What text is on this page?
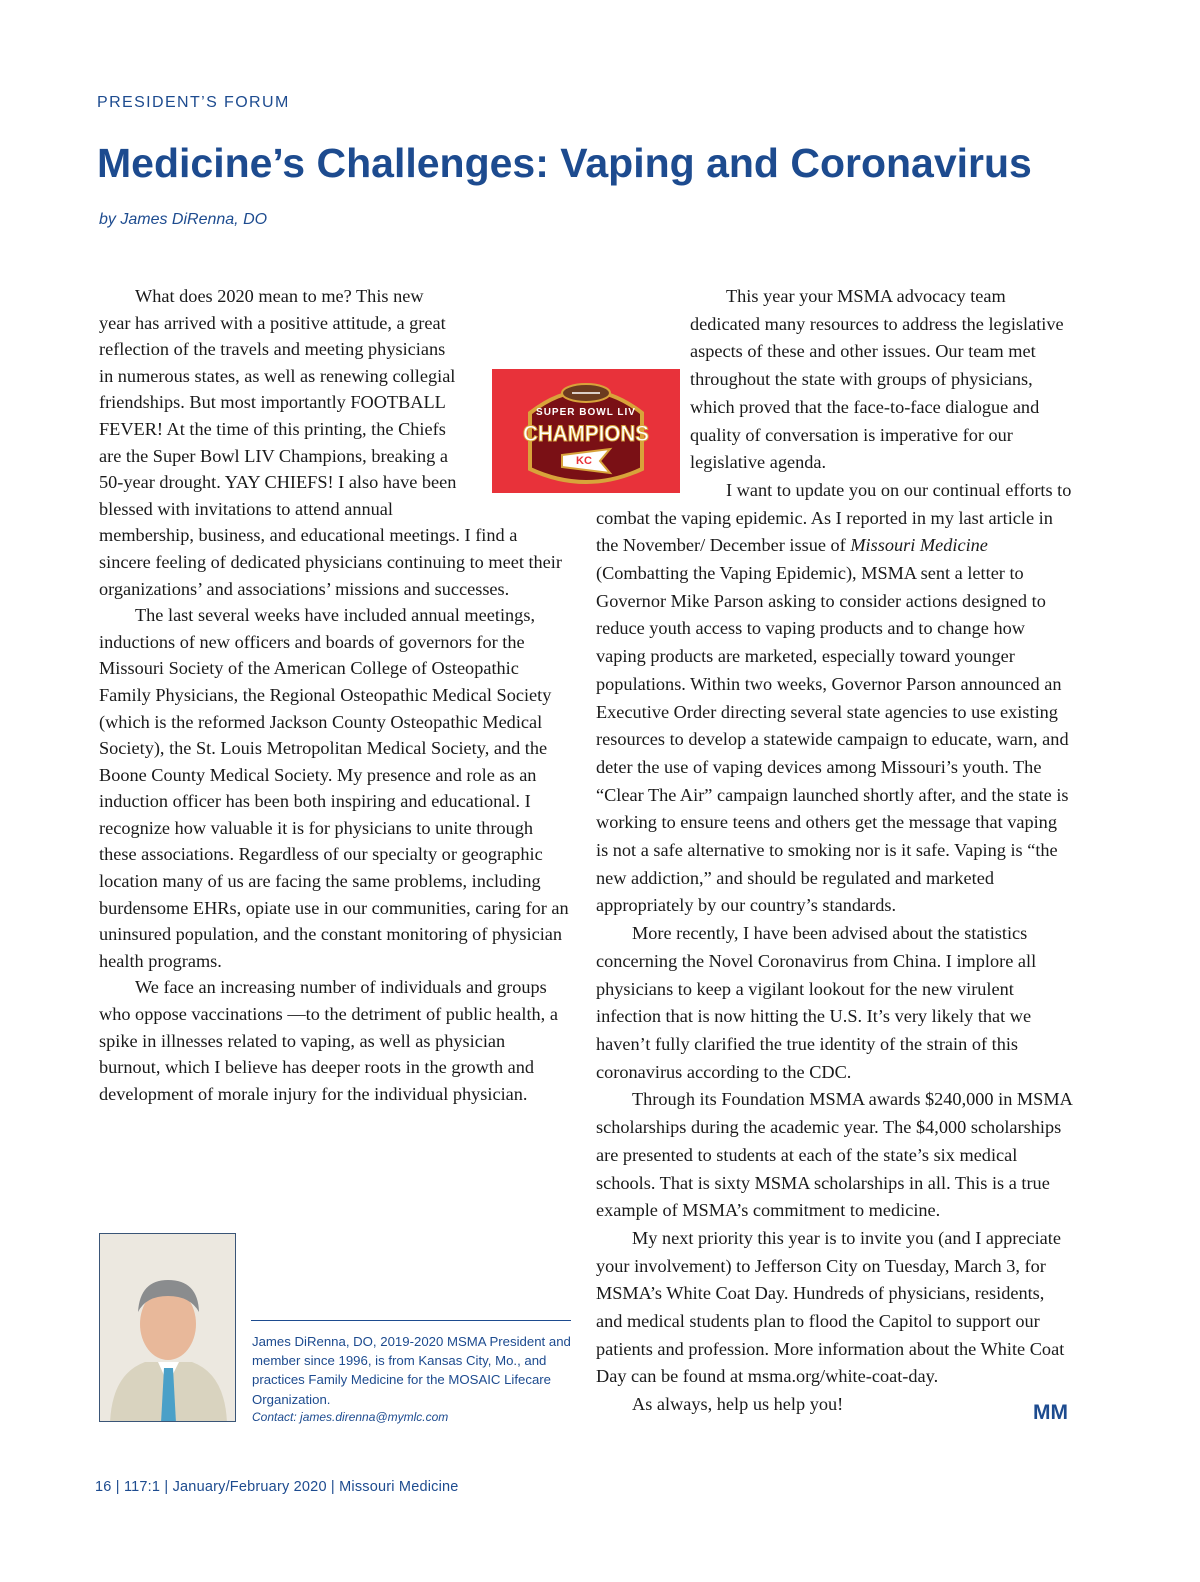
PRESIDENT’S FORUM
Medicine’s Challenges: Vaping and Coronavirus
by James DiRenna, DO

What does 2020 mean to me? This new year has arrived with a positive attitude, a great reflection of the travels and meeting physicians in numerous states, as well as renewing collegial friendships. But most importantly FOOTBALL FEVER! At the time of this printing, the Chiefs are the Super Bowl LIV Champions, breaking a 50-year drought. YAY CHIEFS! I also have been blessed with invitations to attend annual membership, business, and educational meetings. I find a sincere feeling of dedicated physicians continuing to meet their organizations’ and associations’ missions and successes.

The last several weeks have included annual meetings, inductions of new officers and boards of governors for the Missouri Society of the American College of Osteopathic Family Physicians, the Regional Osteopathic Medical Society (which is the reformed Jackson County Osteopathic Medical Society), the St. Louis Metropolitan Medical Society, and the Boone County Medical Society. My presence and role as an induction officer has been both inspiring and educational. I recognize how valuable it is for physicians to unite through these associations. Regardless of our specialty or geographic location many of us are facing the same problems, including burdensome EHRs, opiate use in our communities, caring for an uninsured population, and the constant monitoring of physician health programs.

We face an increasing number of individuals and groups who oppose vaccinations —to the detriment of public health, a spike in illnesses related to vaping, as well as physician burnout, which I believe has deeper roots in the growth and development of morale injury for the individual physician.

SUPER BOWL LIV
CHAMPIONS
KC

This year your MSMA advocacy team dedicated many resources to address the legislative aspects of these and other issues. Our team met throughout the state with groups of physicians, which proved that the face-to-face dialogue and quality of conversation is imperative for our legislative agenda.

I want to update you on our continual efforts to combat the vaping epidemic. As I reported in my last article in the November/ December issue of Missouri Medicine (Combatting the Vaping Epidemic), MSMA sent a letter to Governor Mike Parson asking to consider actions designed to reduce youth access to vaping products and to change how vaping products are marketed, especially toward younger populations. Within two weeks, Governor Parson announced an Executive Order directing several state agencies to use existing resources to develop a statewide campaign to educate, warn, and deter the use of vaping devices among Missouri’s youth. The “Clear The Air” campaign launched shortly after, and the state is working to ensure teens and others get the message that vaping is not a safe alternative to smoking nor is it safe. Vaping is “the new addiction,” and should be regulated and marketed appropriately by our country’s standards.

More recently, I have been advised about the statistics concerning the Novel Coronavirus from China. I implore all physicians to keep a vigilant lookout for the new virulent infection that is now hitting the U.S. It’s very likely that we haven’t fully clarified the true identity of the strain of this coronavirus according to the CDC.

Through its Foundation MSMA awards $240,000 in MSMA scholarships during the academic year. The $4,000 scholarships are presented to students at each of the state’s six medical schools. That is sixty MSMA scholarships in all. This is a true example of MSMA’s commitment to medicine.

My next priority this year is to invite you (and I appreciate your involvement) to Jefferson City on Tuesday, March 3, for MSMA’s White Coat Day. Hundreds of physicians, residents, and medical students plan to flood the Capitol to support our patients and profession. More information about the White Coat Day can be found at msma.org/white-coat-day.

As always, help us help you!

James DiRenna, DO, 2019-2020 MSMA President and member since 1996, is from Kansas City, Mo., and practices Family Medicine for the MOSAIC Lifecare Organization.
Contact: james.direnna@mymlc.com	MM
16 | 117:1 | January/February 2020 | Missouri Medicine
